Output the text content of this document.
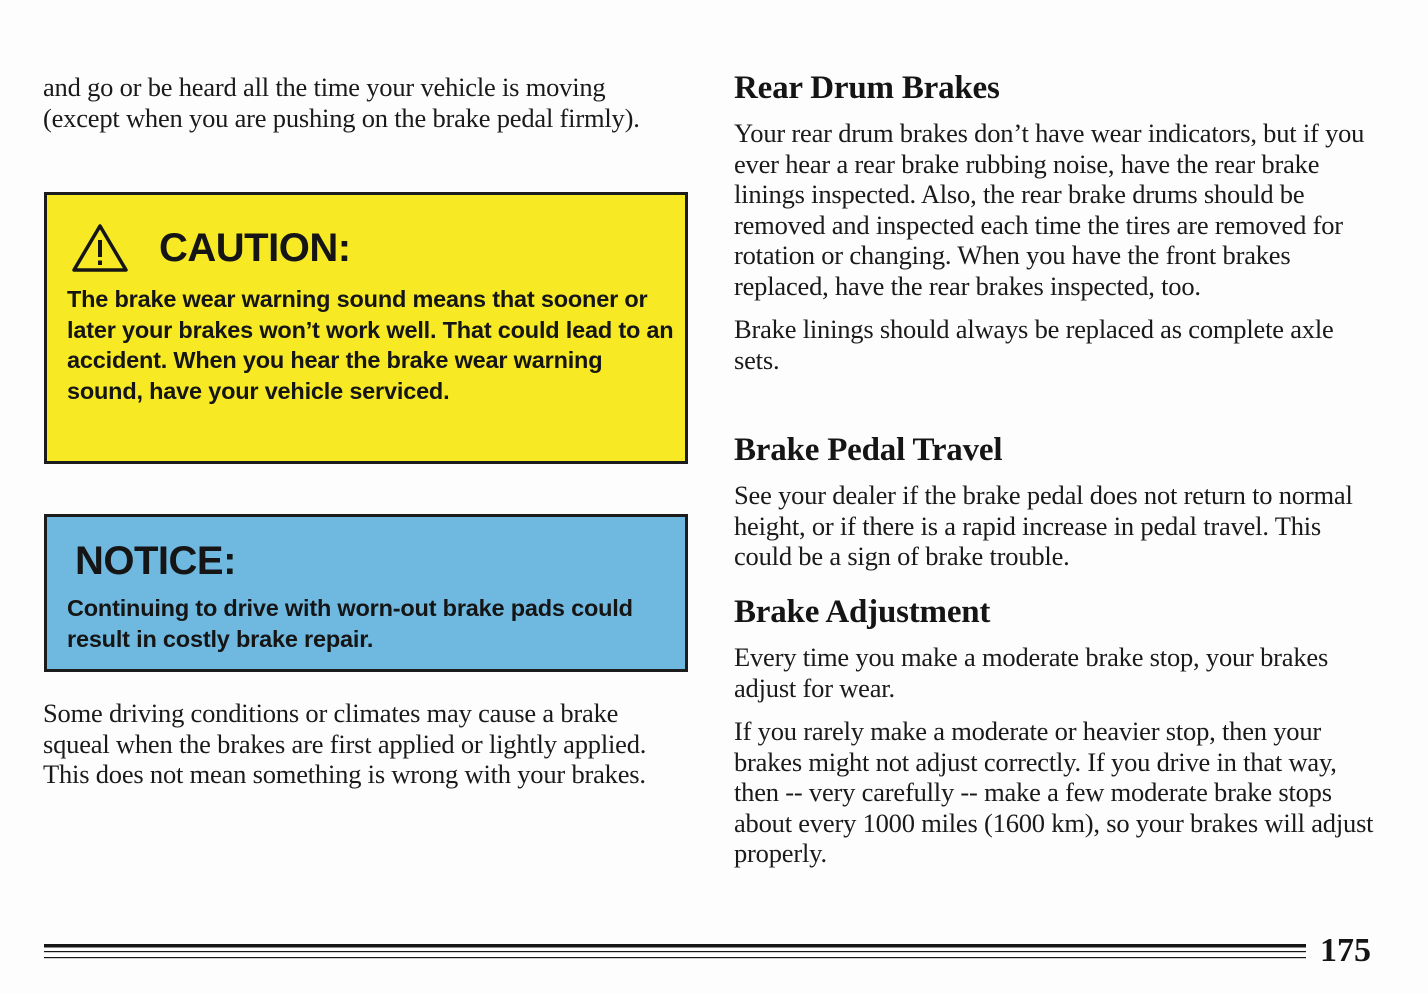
and go or be heard all the time your vehicle is moving (except when you are pushing on the brake pedal firmly).

CAUTION:

The brake wear warning sound means that sooner or later your brakes won’t work well. That could lead to an accident. When you hear the brake wear warning sound, have your vehicle serviced.

NOTICE:

Continuing to drive with worn-out brake pads could result in costly brake repair.

Some driving conditions or climates may cause a brake squeal when the brakes are first applied or lightly applied. This does not mean something is wrong with your brakes.

Rear Drum Brakes

Your rear drum brakes don’t have wear indicators, but if you ever hear a rear brake rubbing noise, have the rear brake linings inspected. Also, the rear brake drums should be removed and inspected each time the tires are removed for rotation or changing. When you have the front brakes replaced, have the rear brakes inspected, too.

Brake linings should always be replaced as complete axle sets.

Brake Pedal Travel

See your dealer if the brake pedal does not return to normal height, or if there is a rapid increase in pedal travel. This could be a sign of brake trouble.

Brake Adjustment

Every time you make a moderate brake stop, your brakes adjust for wear.

If you rarely make a moderate or heavier stop, then your brakes might not adjust correctly. If you drive in that way, then -- very carefully -- make a few moderate brake stops about every 1000 miles (1600 km), so your brakes will adjust properly.

175
